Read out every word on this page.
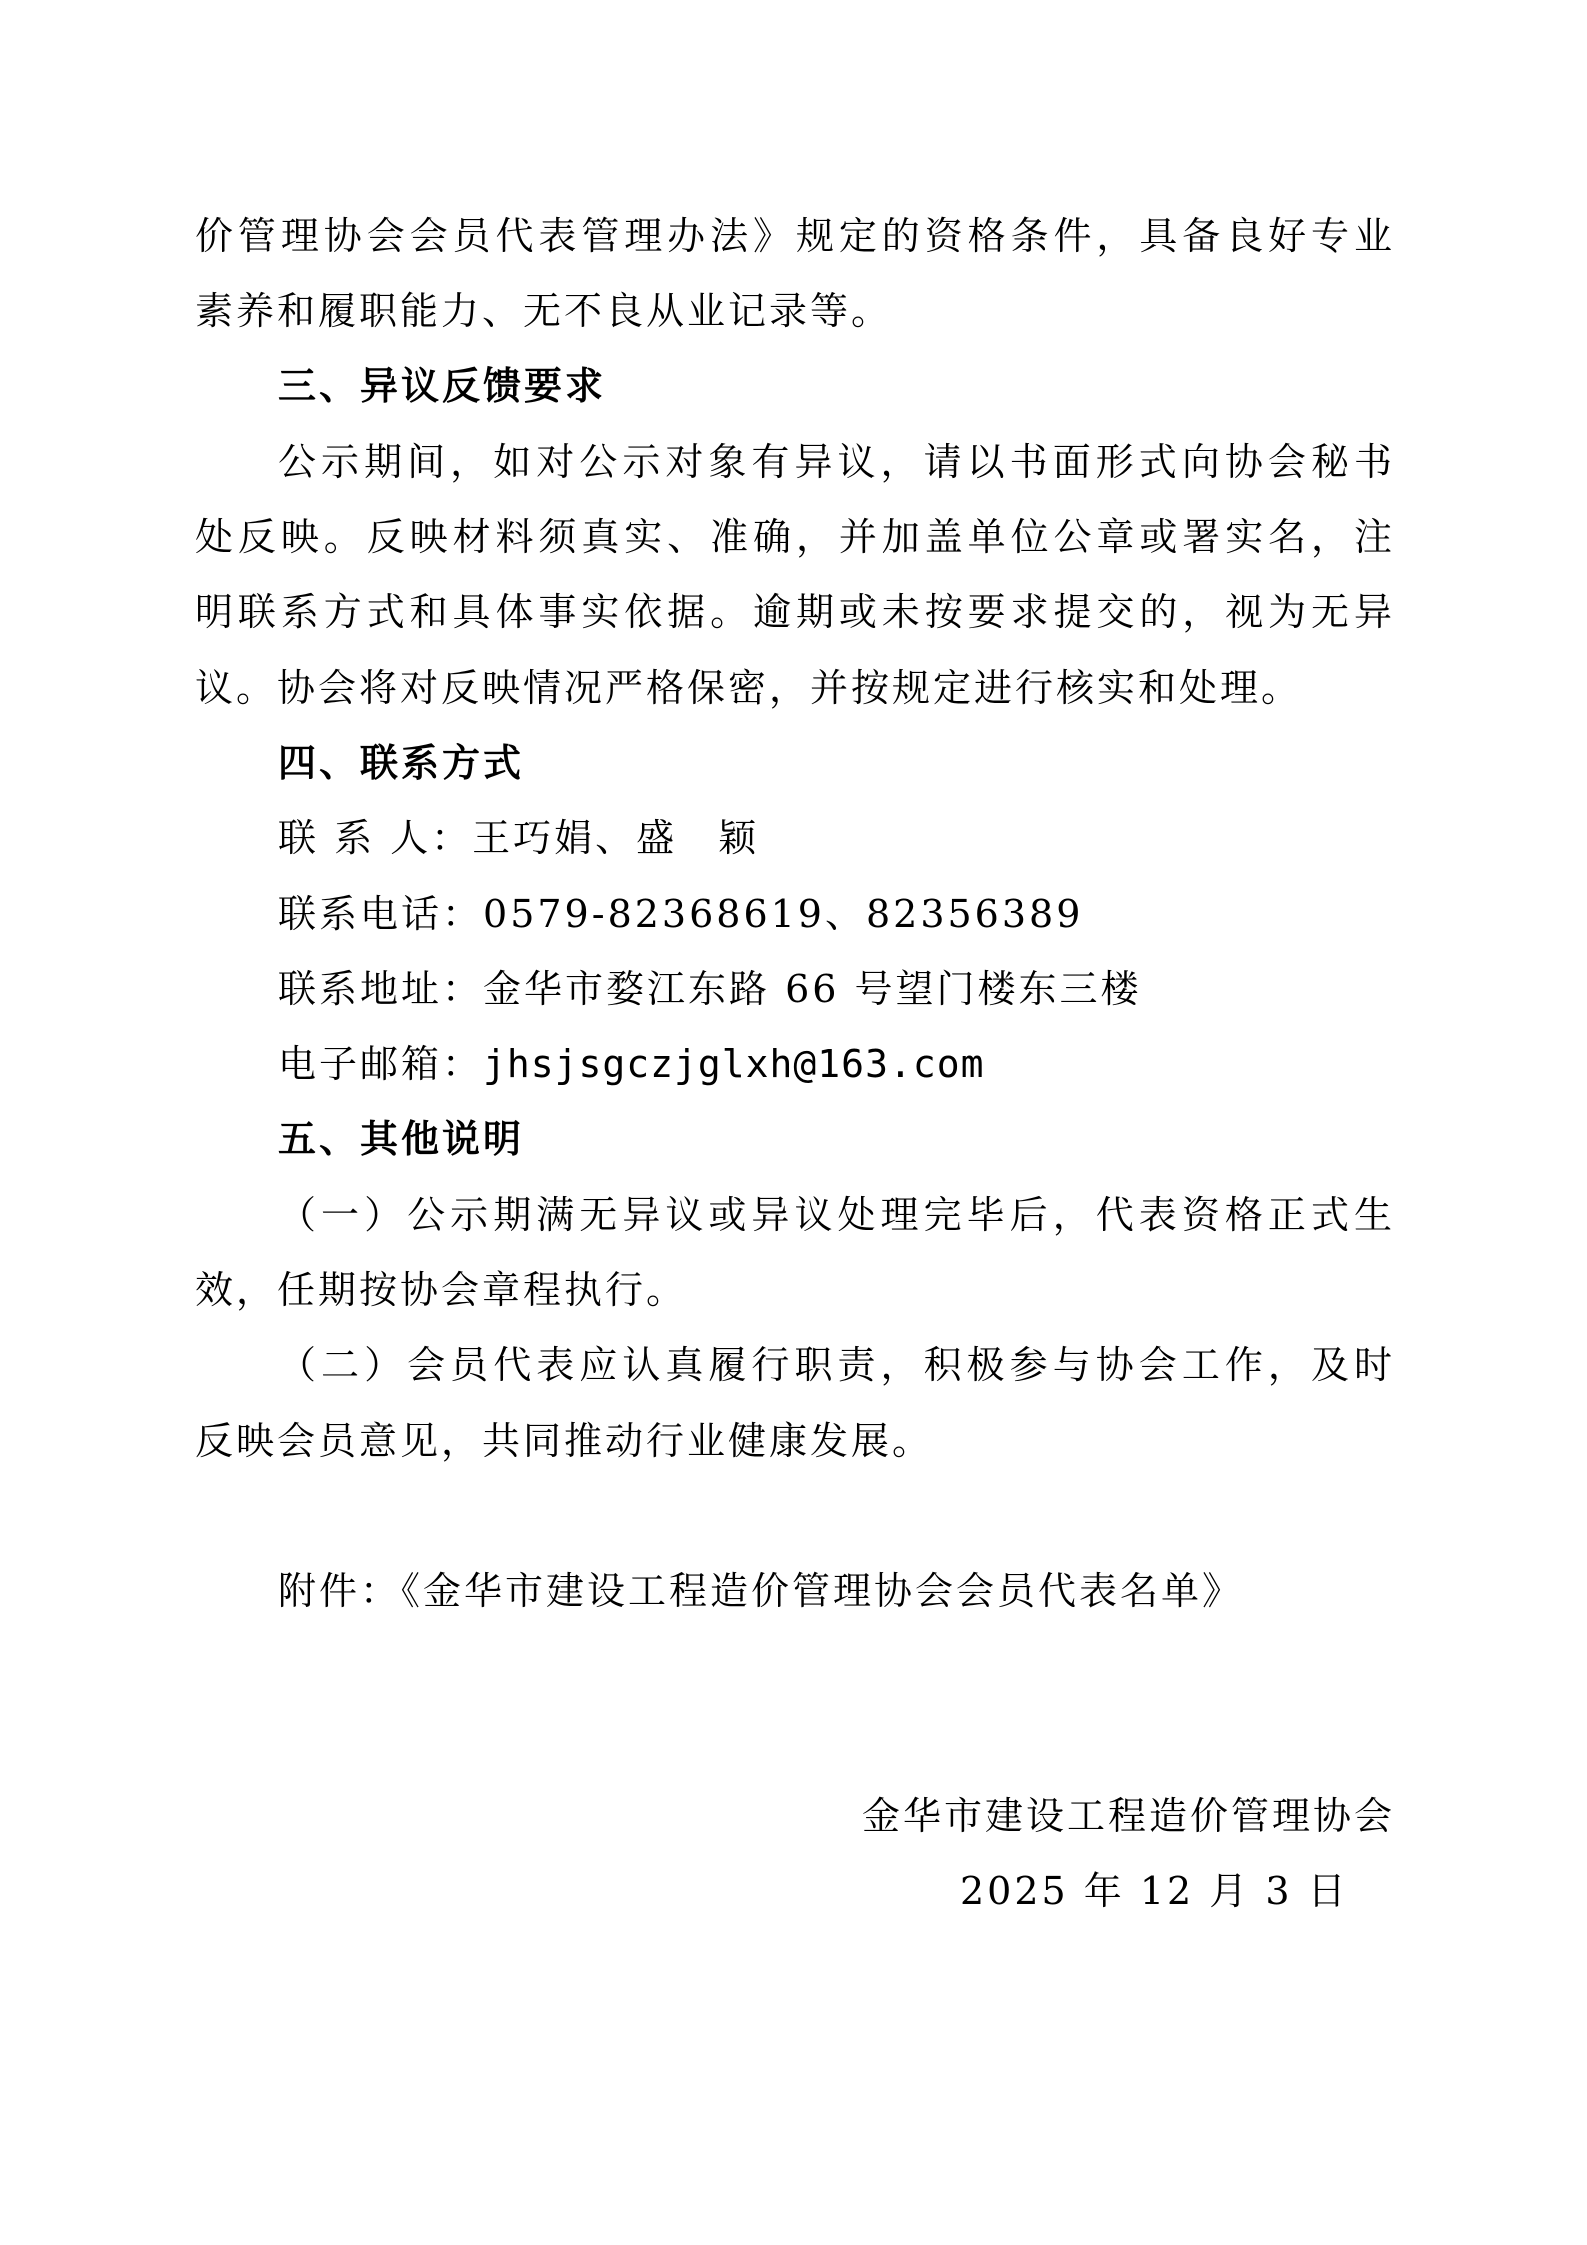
价管理协会会员代表管理办法》规定的资格条件，具备良好专业
素养和履职能力、无不良从业记录等。
三、异议反馈要求
公示期间，如对公示对象有异议，请以书面形式向协会秘书
处反映。反映材料须真实、准确，并加盖单位公章或署实名，注
明联系方式和具体事实依据。逾期或未按要求提交的，视为无异
议。协会将对反映情况严格保密，并按规定进行核实和处理。
四、联系方式
联 系 人：王巧娟、盛　颖
联系电话：0579-82368619、82356389
联系地址：金华市婺江东路 66 号望门楼东三楼
电子邮箱：jhsjsgczjglxh@163.com
五、其他说明
（一）公示期满无异议或异议处理完毕后，代表资格正式生
效，任期按协会章程执行。
（二）会员代表应认真履行职责，积极参与协会工作，及时
反映会员意见，共同推动行业健康发展。
附件：《金华市建设工程造价管理协会会员代表名单》
金华市建设工程造价管理协会
2025 年 12 月 3 日
